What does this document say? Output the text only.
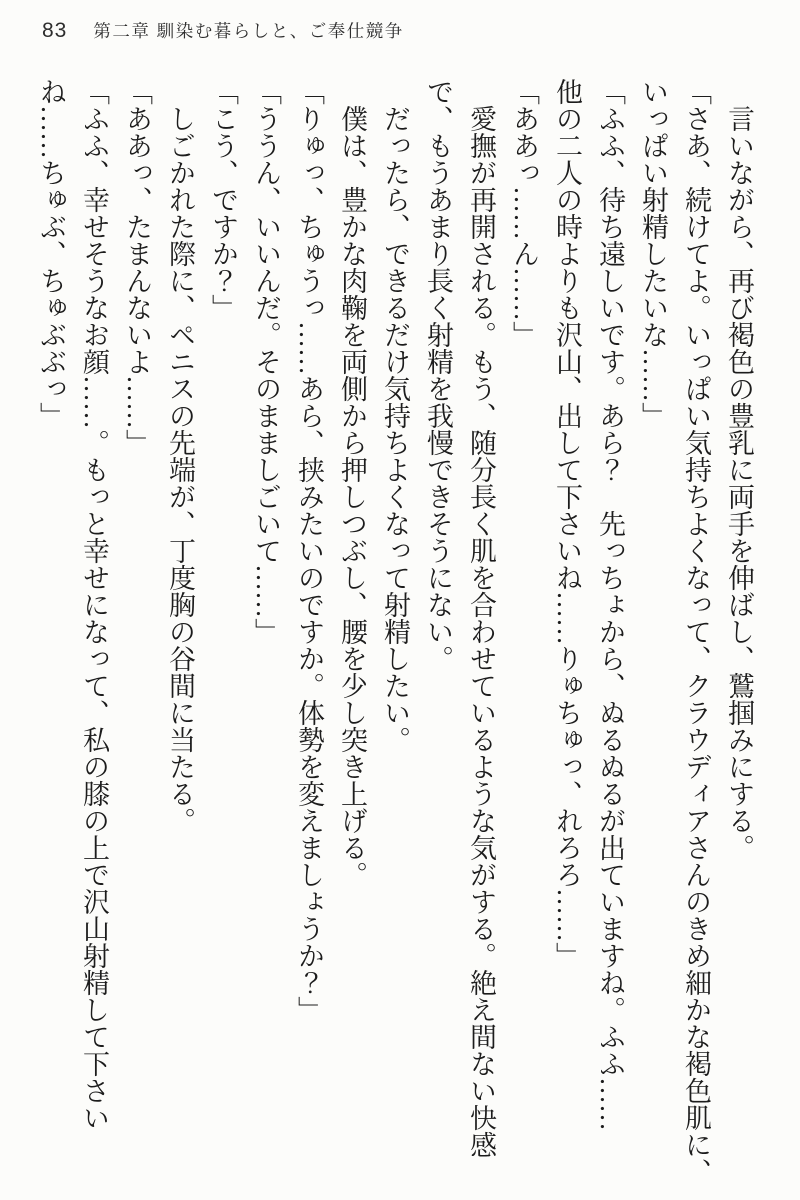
83 第二章 馴染む暮らしと、ご奉仕競争
　言いながら、再び褐色の豊乳に両手を伸ばし、鷲掴みにする。
「さあ、続けてよ。いっぱい気持ちよくなって、クラウディアさんのきめ細かな褐色肌に、
いっぱい射精したいな……」
「ふふ、待ち遠しいです。あら？　先っちょから、ぬるぬるが出ていますね。ふふ……
他の二人の時よりも沢山、出して下さいね……りゅちゅっ、れろろ……」
「ああっ……ん……」
　愛撫が再開される。もう、随分長く肌を合わせているような気がする。絶え間ない快感
で、もうあまり長く射精を我慢できそうにない。
　だったら、できるだけ気持ちよくなって射精したい。
　僕は、豊かな肉鞠を両側から押しつぶし、腰を少し突き上げる。
「りゅっ、ちゅうっ……あら、挟みたいのですか。体勢を変えましょうか？」
「ううん、いいんだ。そのまましごいて……」
「こう、ですか？」
　しごかれた際に、ペニスの先端が、丁度胸の谷間に当たる。
「ああっ、たまんないよ……」
「ふふ、幸せそうなお顔……。もっと幸せになって、私の膝の上で沢山射精して下さい
ね……ちゅぶ、ちゅぶぶっ」
